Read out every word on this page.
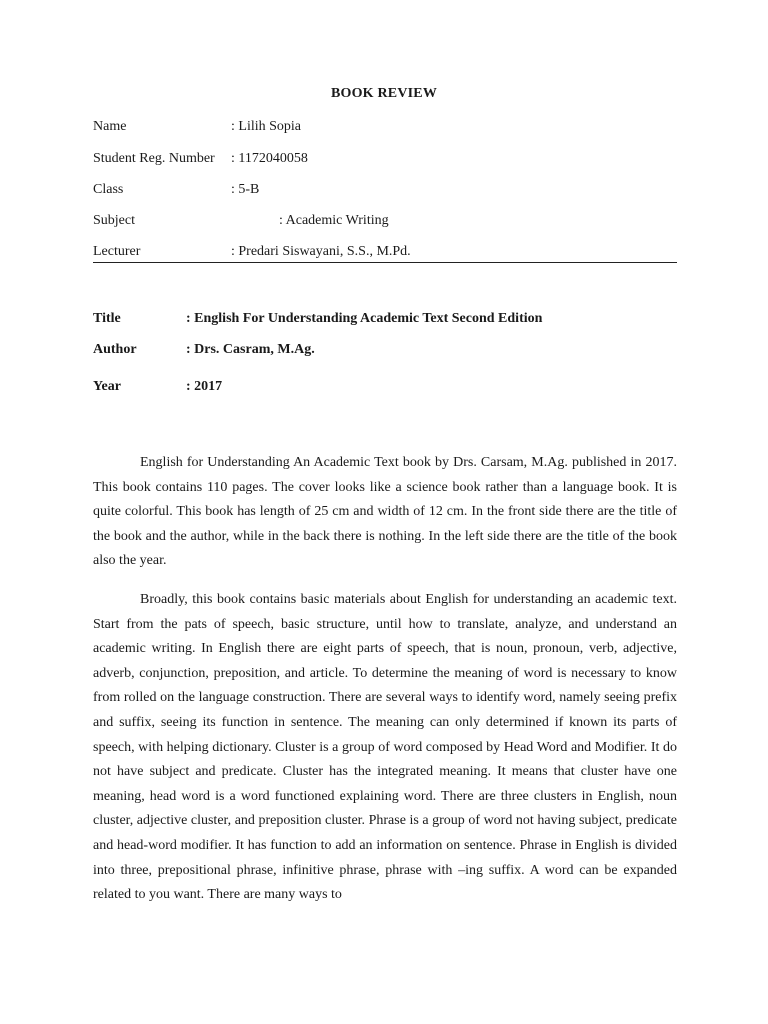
BOOK REVIEW
Name	: Lilih Sopia
Student Reg. Number : 1172040058
Class	: 5-B
Subject	: Academic Writing
Lecturer	: Predari Siswayani, S.S., M.Pd.
Title	: English For Understanding Academic Text Second Edition
Author	: Drs. Casram, M.Ag.
Year	: 2017

English for Understanding An Academic Text book by Drs. Carsam, M.Ag. published in 2017. This book contains 110 pages. The cover looks like a science book rather than a language book. It is quite colorful. This book has length of 25 cm and width of 12 cm. In the front side there are the title of the book and the author, while in the back there is nothing. In the left side there are the title of the book also the year.

Broadly, this book contains basic materials about English for understanding an academic text. Start from the pats of speech, basic structure, until how to translate, analyze, and understand an academic writing. In English there are eight parts of speech, that is noun, pronoun, verb, adjective, adverb, conjunction, preposition, and article. To determine the meaning of word is necessary to know from rolled on the language construction. There are several ways to identify word, namely seeing prefix and suffix, seeing its function in sentence. The meaning can only determined if known its parts of speech, with helping dictionary. Cluster is a group of word composed by Head Word and Modifier. It do not have subject and predicate. Cluster has the integrated meaning. It means that cluster have one meaning, head word is a word functioned explaining word. There are three clusters in English, noun cluster, adjective cluster, and preposition cluster. Phrase is a group of word not having subject, predicate and head-word modifier. It has function to add an information on sentence. Phrase in English is divided into three, prepositional phrase, infinitive phrase, phrase with –ing suffix. A word can be expanded related to you want. There are many ways to
